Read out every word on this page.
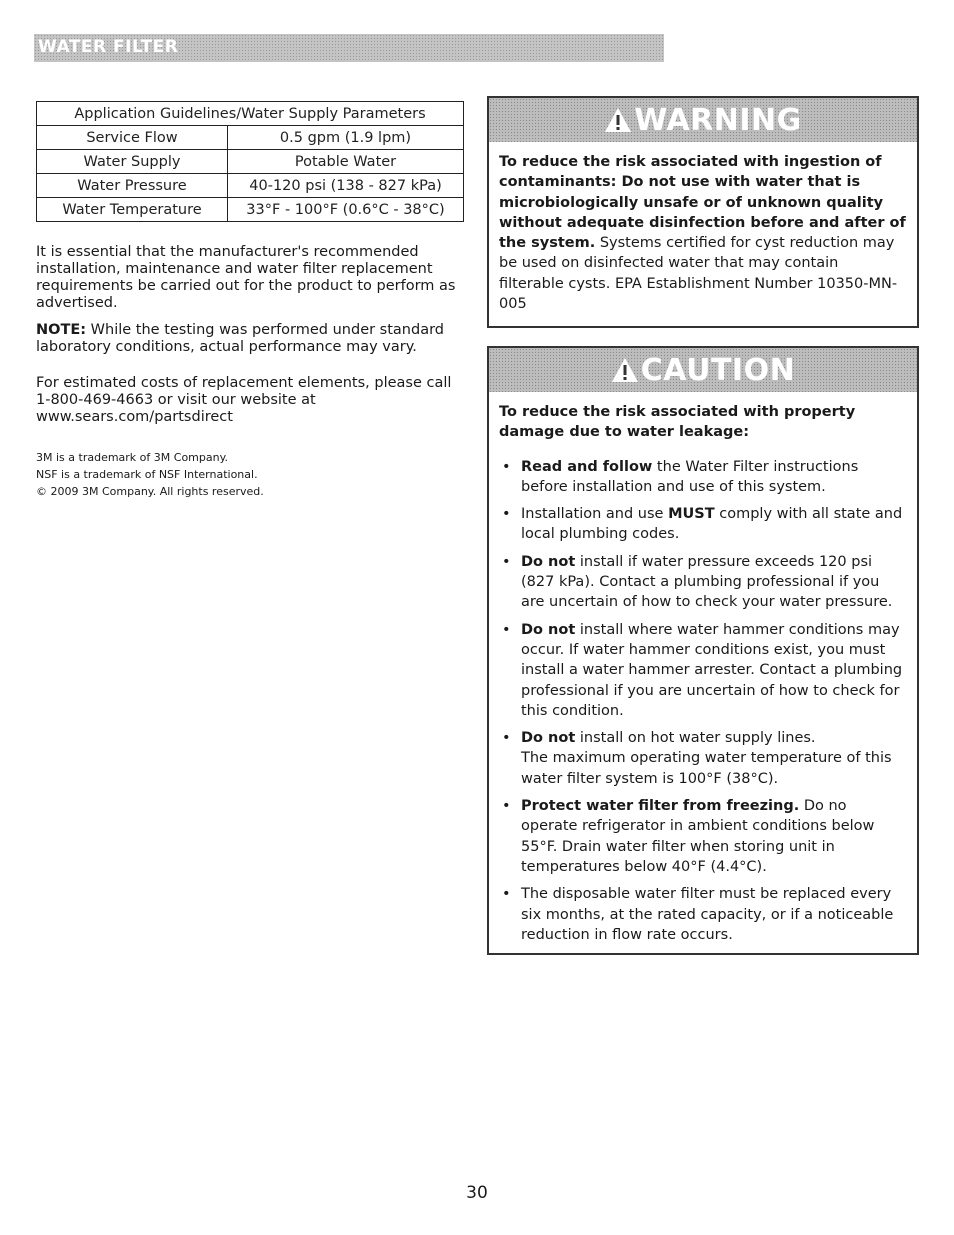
WATER FILTER
Application Guidelines/Water Supply Parameters	
Service Flow	0.5 gpm (1.9 lpm)
Water Supply	Potable Water
Water Pressure	40-120 psi (138 - 827 kPa)
Water Temperature	33°F - 100°F (0.6°C - 38°C)

It is essential that the manufacturer's recommended installation, maintenance and water filter replacement requirements be carried out for the product to perform as advertised.

NOTE: While the testing was performed under standard laboratory conditions, actual performance may vary.

For estimated costs of replacement elements, please call 1-800-469-4663 or visit our website at www.sears.com/partsdirect

3M is a trademark of 3M Company.

NSF is a trademark of NSF International.

© 2009 3M Company. All rights reserved.

WARNING

To reduce the risk associated with ingestion of contaminants: Do not use with water that is microbiologically unsafe or of unknown quality without adequate disinfection before and after of the system. Systems certified for cyst reduction may be used on disinfected water that may contain filterable cysts. EPA Establishment Number 10350-MN-005

CAUTION

To reduce the risk associated with property damage due to water leakage:

• Read and follow the Water Filter instructions before installation and use of this system.
• Installation and use MUST comply with all state and local plumbing codes.
• Do not install if water pressure exceeds 120 psi (827 kPa). Contact a plumbing professional if you are uncertain of how to check your water pressure.
• Do not install where water hammer conditions may occur. If water hammer conditions exist, you must install a water hammer arrester. Contact a plumbing professional if you are uncertain of how to check for this condition.
• Do not install on hot water supply lines.
The maximum operating water temperature of this water filter system is 100°F (38°C).
• Protect water filter from freezing. Do no operate refrigerator in ambient conditions below 55°F. Drain water filter when storing unit in temperatures below 40°F (4.4°C).
• The disposable water filter must be replaced every six months, at the rated capacity, or if a noticeable reduction in flow rate occurs.
30
